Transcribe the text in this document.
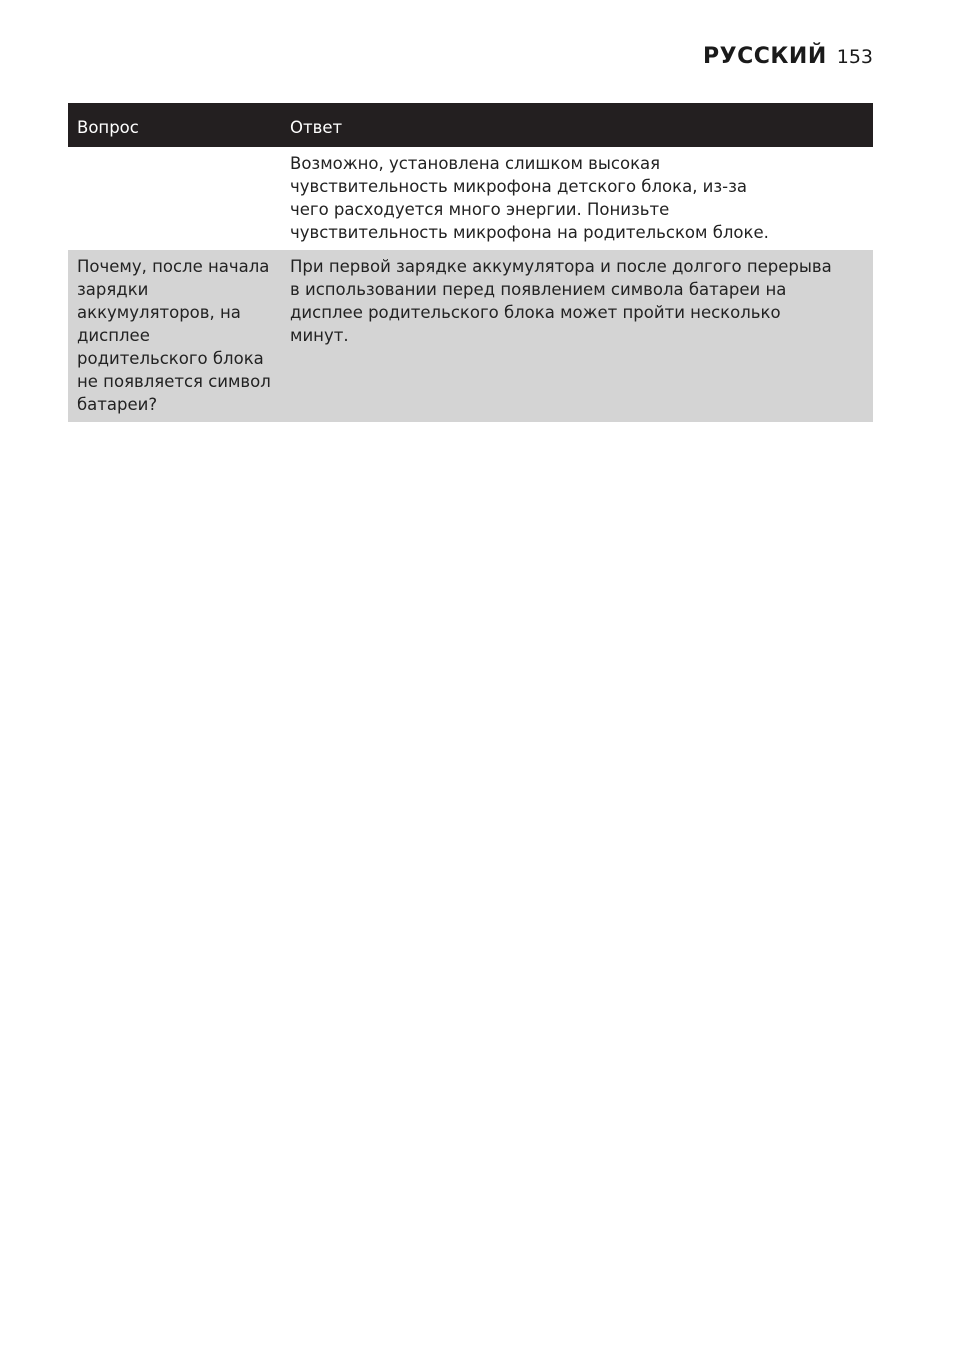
РУССКИЙ 153
Вопрос	Ответ
	Возможно, установлена слишком высокая чувствительность микрофона детского блока, из-за чего расходуется много энергии. Понизьте чувствительность микрофона на родительском блоке.
Почему, после начала зарядки аккумуляторов, на дисплее родительского блока не появляется символ батареи?	При первой зарядке аккумулятора и после долгого перерыва в использовании перед появлением символа батареи на дисплее родительского блока может пройти несколько минут.
